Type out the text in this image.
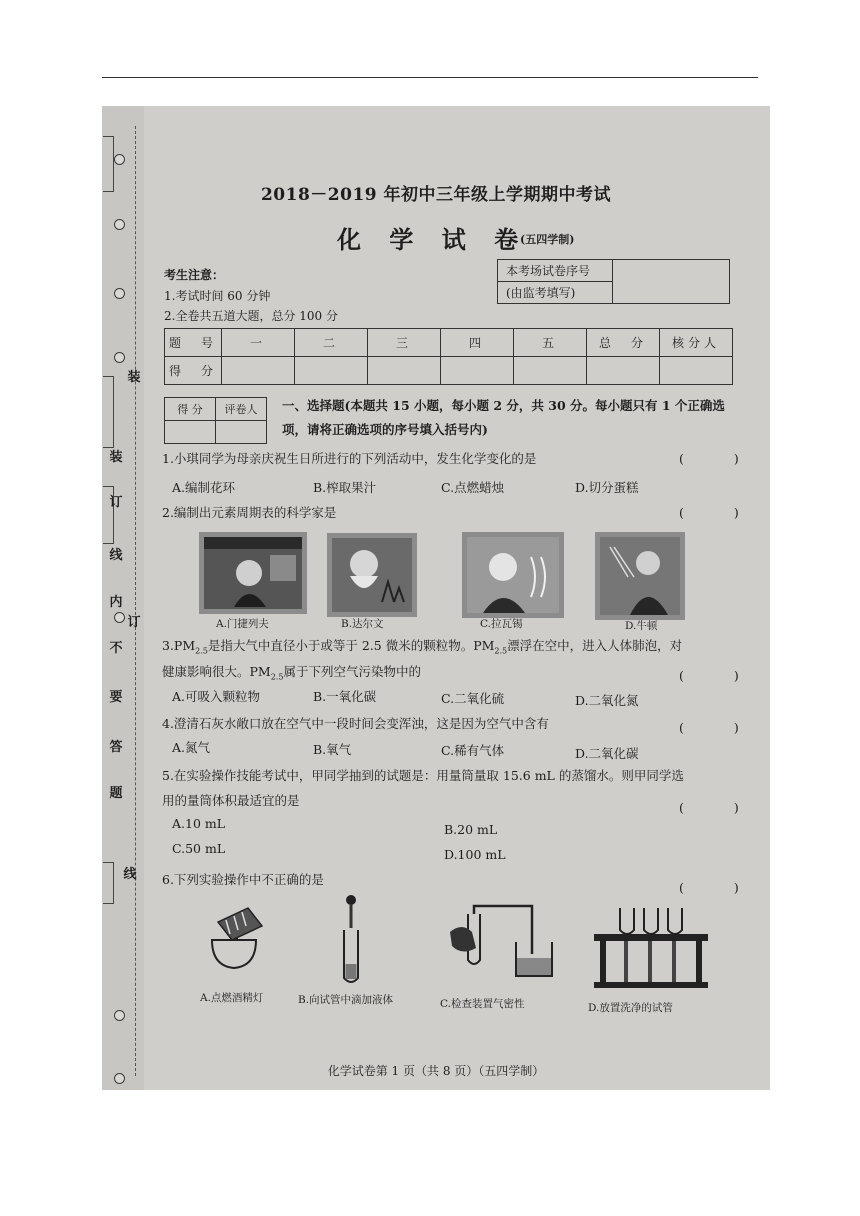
装
装
订
线
内
订
不
要
答
题
线
2018－2019 年初中三年级上学期期中考试
化 学 试 卷
(五四学制)
考生注意：
1.考试时间 60 分钟
2.全卷共五道大题，总分 100 分
本考场试卷序号	
(由监考填写)
题　号	一	二	三	四	五	总　分	核分人
得　分							
得 分	评卷人
	一、选择题(本题共 15 小题，每小题 2 分，共 30 分。每小题只有 1 个正确选项，请将正确选项的序号填入括号内)
1.小琪同学为母亲庆祝生日所进行的下列活动中，发生化学变化的是	(　　　　)
A.编制花环	B.榨取果汁	C.点燃蜡烛	D.切分蛋糕
2.编制出元素周期表的科学家是	(　　　　)
A.门捷列夫	B.达尔文	C.拉瓦锡	D.牛顿
$3.PM_{2.5}$是指大气中直径小于或等于 2.5 微米的颗粒物。$PM_{2.5}$漂浮在空中，进入人体肺泡，对
健康影响很大。$PM_{2.5}$属于下列空气污染物中的	(　　　　)
A.可吸入颗粒物	B.一氧化碳	C.二氧化硫	D.二氧化氮
4.澄清石灰水敞口放在空气中一段时间会变浑浊，这是因为空气中含有	(　　　　)
A.氮气	B.氧气	C.稀有气体	D.二氧化碳
5.在实验操作技能考试中，甲同学抽到的试题是：用量筒量取 15.6 mL 的蒸馏水。则甲同学选
用的量筒体积最适宜的是	(　　　　)
A.10 mL	B.20 mL
C.50 mL	D.100 mL
6.下列实验操作中不正确的是
(　　　　)
A.点燃酒精灯	B.向试管中滴加液体	C.检查装置气密性	D.放置洗净的试管
化学试卷第 1 页（共 8 页）（五四学制）
